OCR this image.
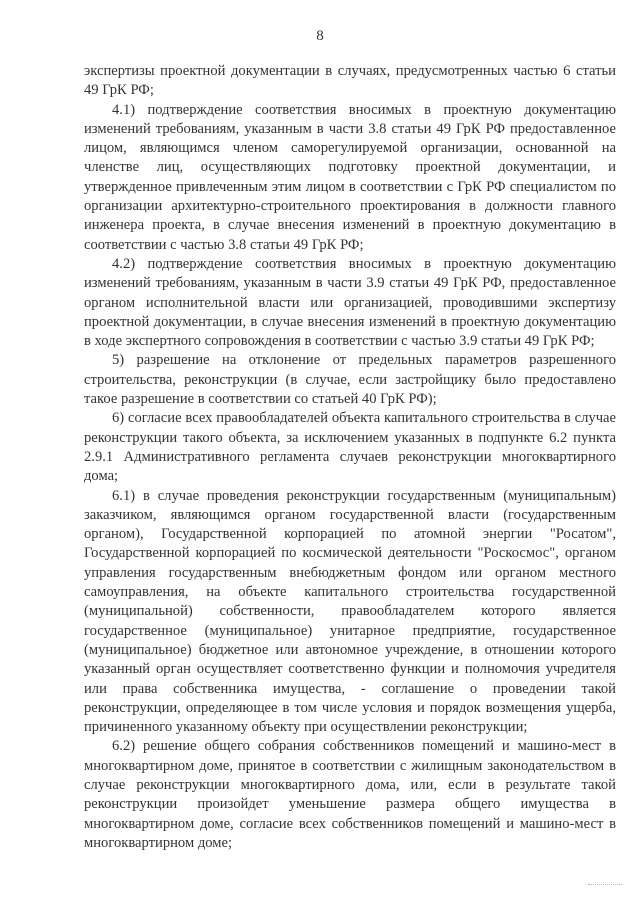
8

экспертизы проектной документации в случаях, предусмотренных частью 6 статьи 49 ГрК РФ;

4.1) подтверждение соответствия вносимых в проектную документацию изменений требованиям, указанным в части 3.8 статьи 49 ГрК РФ предоставленное лицом, являющимся членом саморегулируемой организации, основанной на членстве лиц, осуществляющих подготовку проектной документации, и утвержденное привлеченным этим лицом в соответствии с ГрК РФ специалистом по организации архитектурно-строительного проектирования в должности главного инженера проекта, в случае внесения изменений в проектную документацию в соответствии с частью 3.8 статьи 49 ГрК РФ;

4.2) подтверждение соответствия вносимых в проектную документацию изменений требованиям, указанным в части 3.9 статьи 49 ГрК РФ, предоставленное органом исполнительной власти или организацией, проводившими экспертизу проектной документации, в случае внесения изменений в проектную документацию в ходе экспертного сопровождения в соответствии с частью 3.9 статьи 49 ГрК РФ;

5) разрешение на отклонение от предельных параметров разрешенного строительства, реконструкции (в случае, если застройщику было предоставлено такое разрешение в соответствии со статьей 40 ГрК РФ);

6) согласие всех правообладателей объекта капитального строительства в случае реконструкции такого объекта, за исключением указанных в подпункте 6.2 пункта 2.9.1 Административного регламента случаев реконструкции многоквартирного дома;

6.1) в случае проведения реконструкции государственным (муниципальным) заказчиком, являющимся органом государственной власти (государственным органом), Государственной корпорацией по атомной энергии "Росатом", Государственной корпорацией по космической деятельности "Роскосмос", органом управления государственным внебюджетным фондом или органом местного самоуправления, на объекте капитального строительства государственной (муниципальной) собственности, правообладателем которого является государственное (муниципальное) унитарное предприятие, государственное (муниципальное) бюджетное или автономное учреждение, в отношении которого указанный орган осуществляет соответственно функции и полномочия учредителя или права собственника имущества, - соглашение о проведении такой реконструкции, определяющее в том числе условия и порядок возмещения ущерба, причиненного указанному объекту при осуществлении реконструкции;

6.2) решение общего собрания собственников помещений и машино-мест в многоквартирном доме, принятое в соответствии с жилищным законодательством в случае реконструкции многоквартирного дома, или, если в результате такой реконструкции произойдет уменьшение размера общего имущества в многоквартирном доме, согласие всех собственников помещений и машино-мест в многоквартирном доме;
